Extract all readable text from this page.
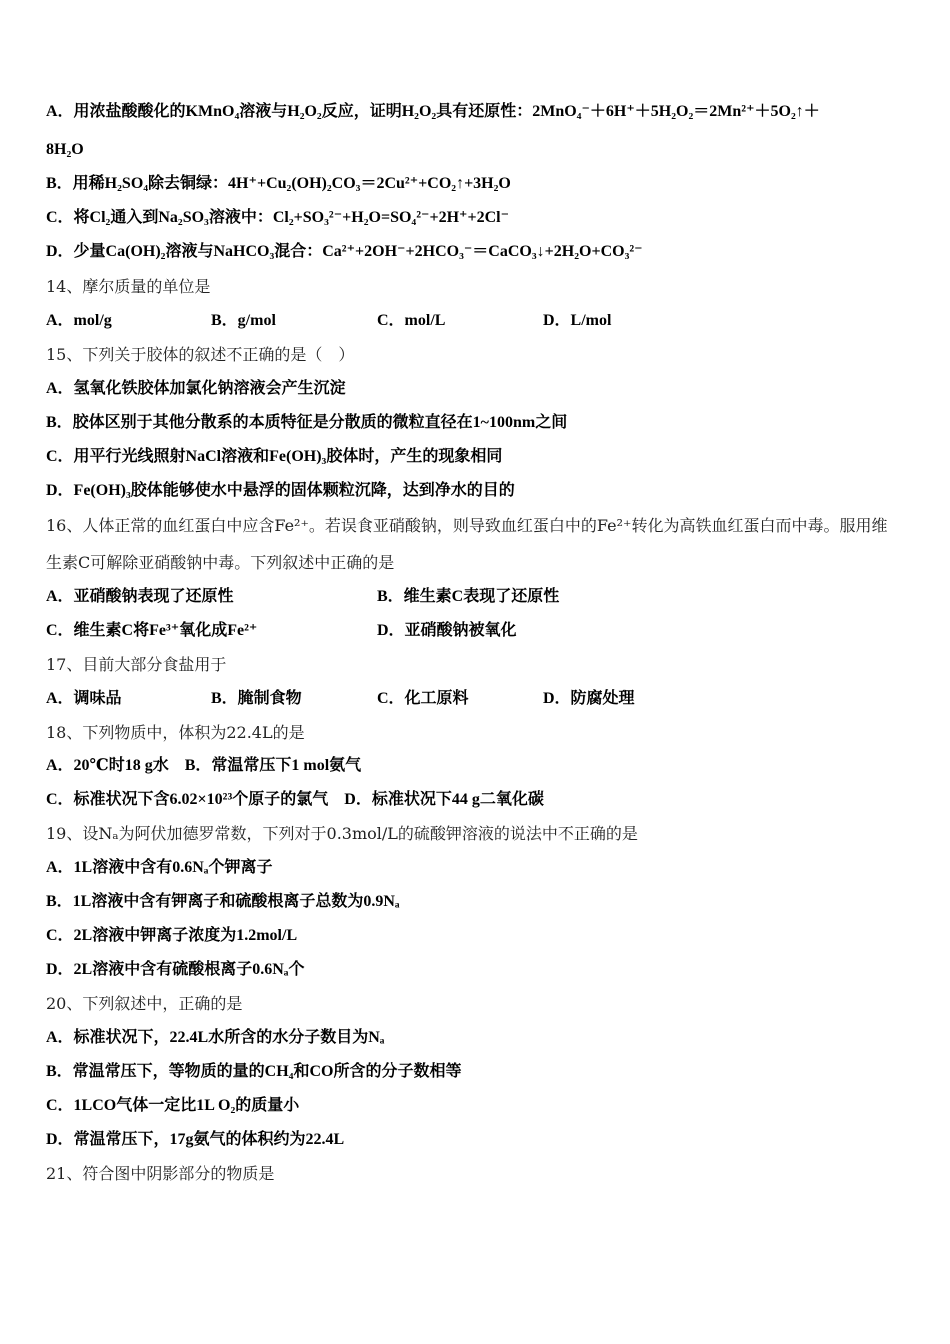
A．用浓盐酸酸化的KMnO₄溶液与H₂O₂反应，证明H₂O₂具有还原性：2MnO₄⁻＋6H⁺＋5H₂O₂＝2Mn²⁺＋5O₂↑＋
8H₂O
B．用稀H₂SO₄除去铜绿：4H⁺+Cu₂(OH)₂CO₃＝2Cu²⁺+CO₂↑+3H₂O
C．将Cl₂通入到Na₂SO₃溶液中：Cl₂+SO₃²⁻+H₂O=SO₄²⁻+2H⁺+2Cl⁻
D．少量Ca(OH)₂溶液与NaHCO₃混合：Ca²⁺+2OH⁻+2HCO₃⁻＝CaCO₃↓+2H₂O+CO₃²⁻
14、摩尔质量的单位是
A．mol/g	B．g/mol	C．mol/L	D．L/mol
15、下列关于胶体的叙述不正确的是（　）
A．氢氧化铁胶体加氯化钠溶液会产生沉淀
B．胶体区别于其他分散系的本质特征是分散质的微粒直径在1~100nm之间
C．用平行光线照射NaCl溶液和Fe(OH)₃胶体时，产生的现象相同
D．Fe(OH)₃胶体能够使水中悬浮的固体颗粒沉降，达到净水的目的
16、人体正常的血红蛋白中应含Fe²⁺。若误食亚硝酸钠，则导致血红蛋白中的Fe²⁺转化为高铁血红蛋白而中毒。服用维
生素C可解除亚硝酸钠中毒。下列叙述中正确的是
A．亚硝酸钠表现了还原性	B．维生素C表现了还原性
C．维生素C将Fe³⁺氧化成Fe²⁺	D．亚硝酸钠被氧化
17、目前大部分食盐用于
A．调味品	B．腌制食物	C．化工原料	D．防腐处理
18、下列物质中，体积为22.4L的是
A．20℃时18 g水　B．常温常压下1 mol氨气
C．标准状况下含6.02×10²³个原子的氯气　D．标准状况下44 g二氧化碳
19、设Nₐ为阿伏加德罗常数，下列对于0.3mol/L的硫酸钾溶液的说法中不正确的是
A．1L溶液中含有0.6Nₐ个钾离子
B．1L溶液中含有钾离子和硫酸根离子总数为0.9Nₐ
C．2L溶液中钾离子浓度为1.2mol/L
D．2L溶液中含有硫酸根离子0.6Nₐ个
20、下列叙述中，正确的是
A．标准状况下，22.4L水所含的水分子数目为Nₐ
B．常温常压下，等物质的量的CH₄和CO所含的分子数相等
C．1LCO气体一定比1L O₂的质量小
D．常温常压下，17g氨气的体积约为22.4L
21、符合图中阴影部分的物质是
